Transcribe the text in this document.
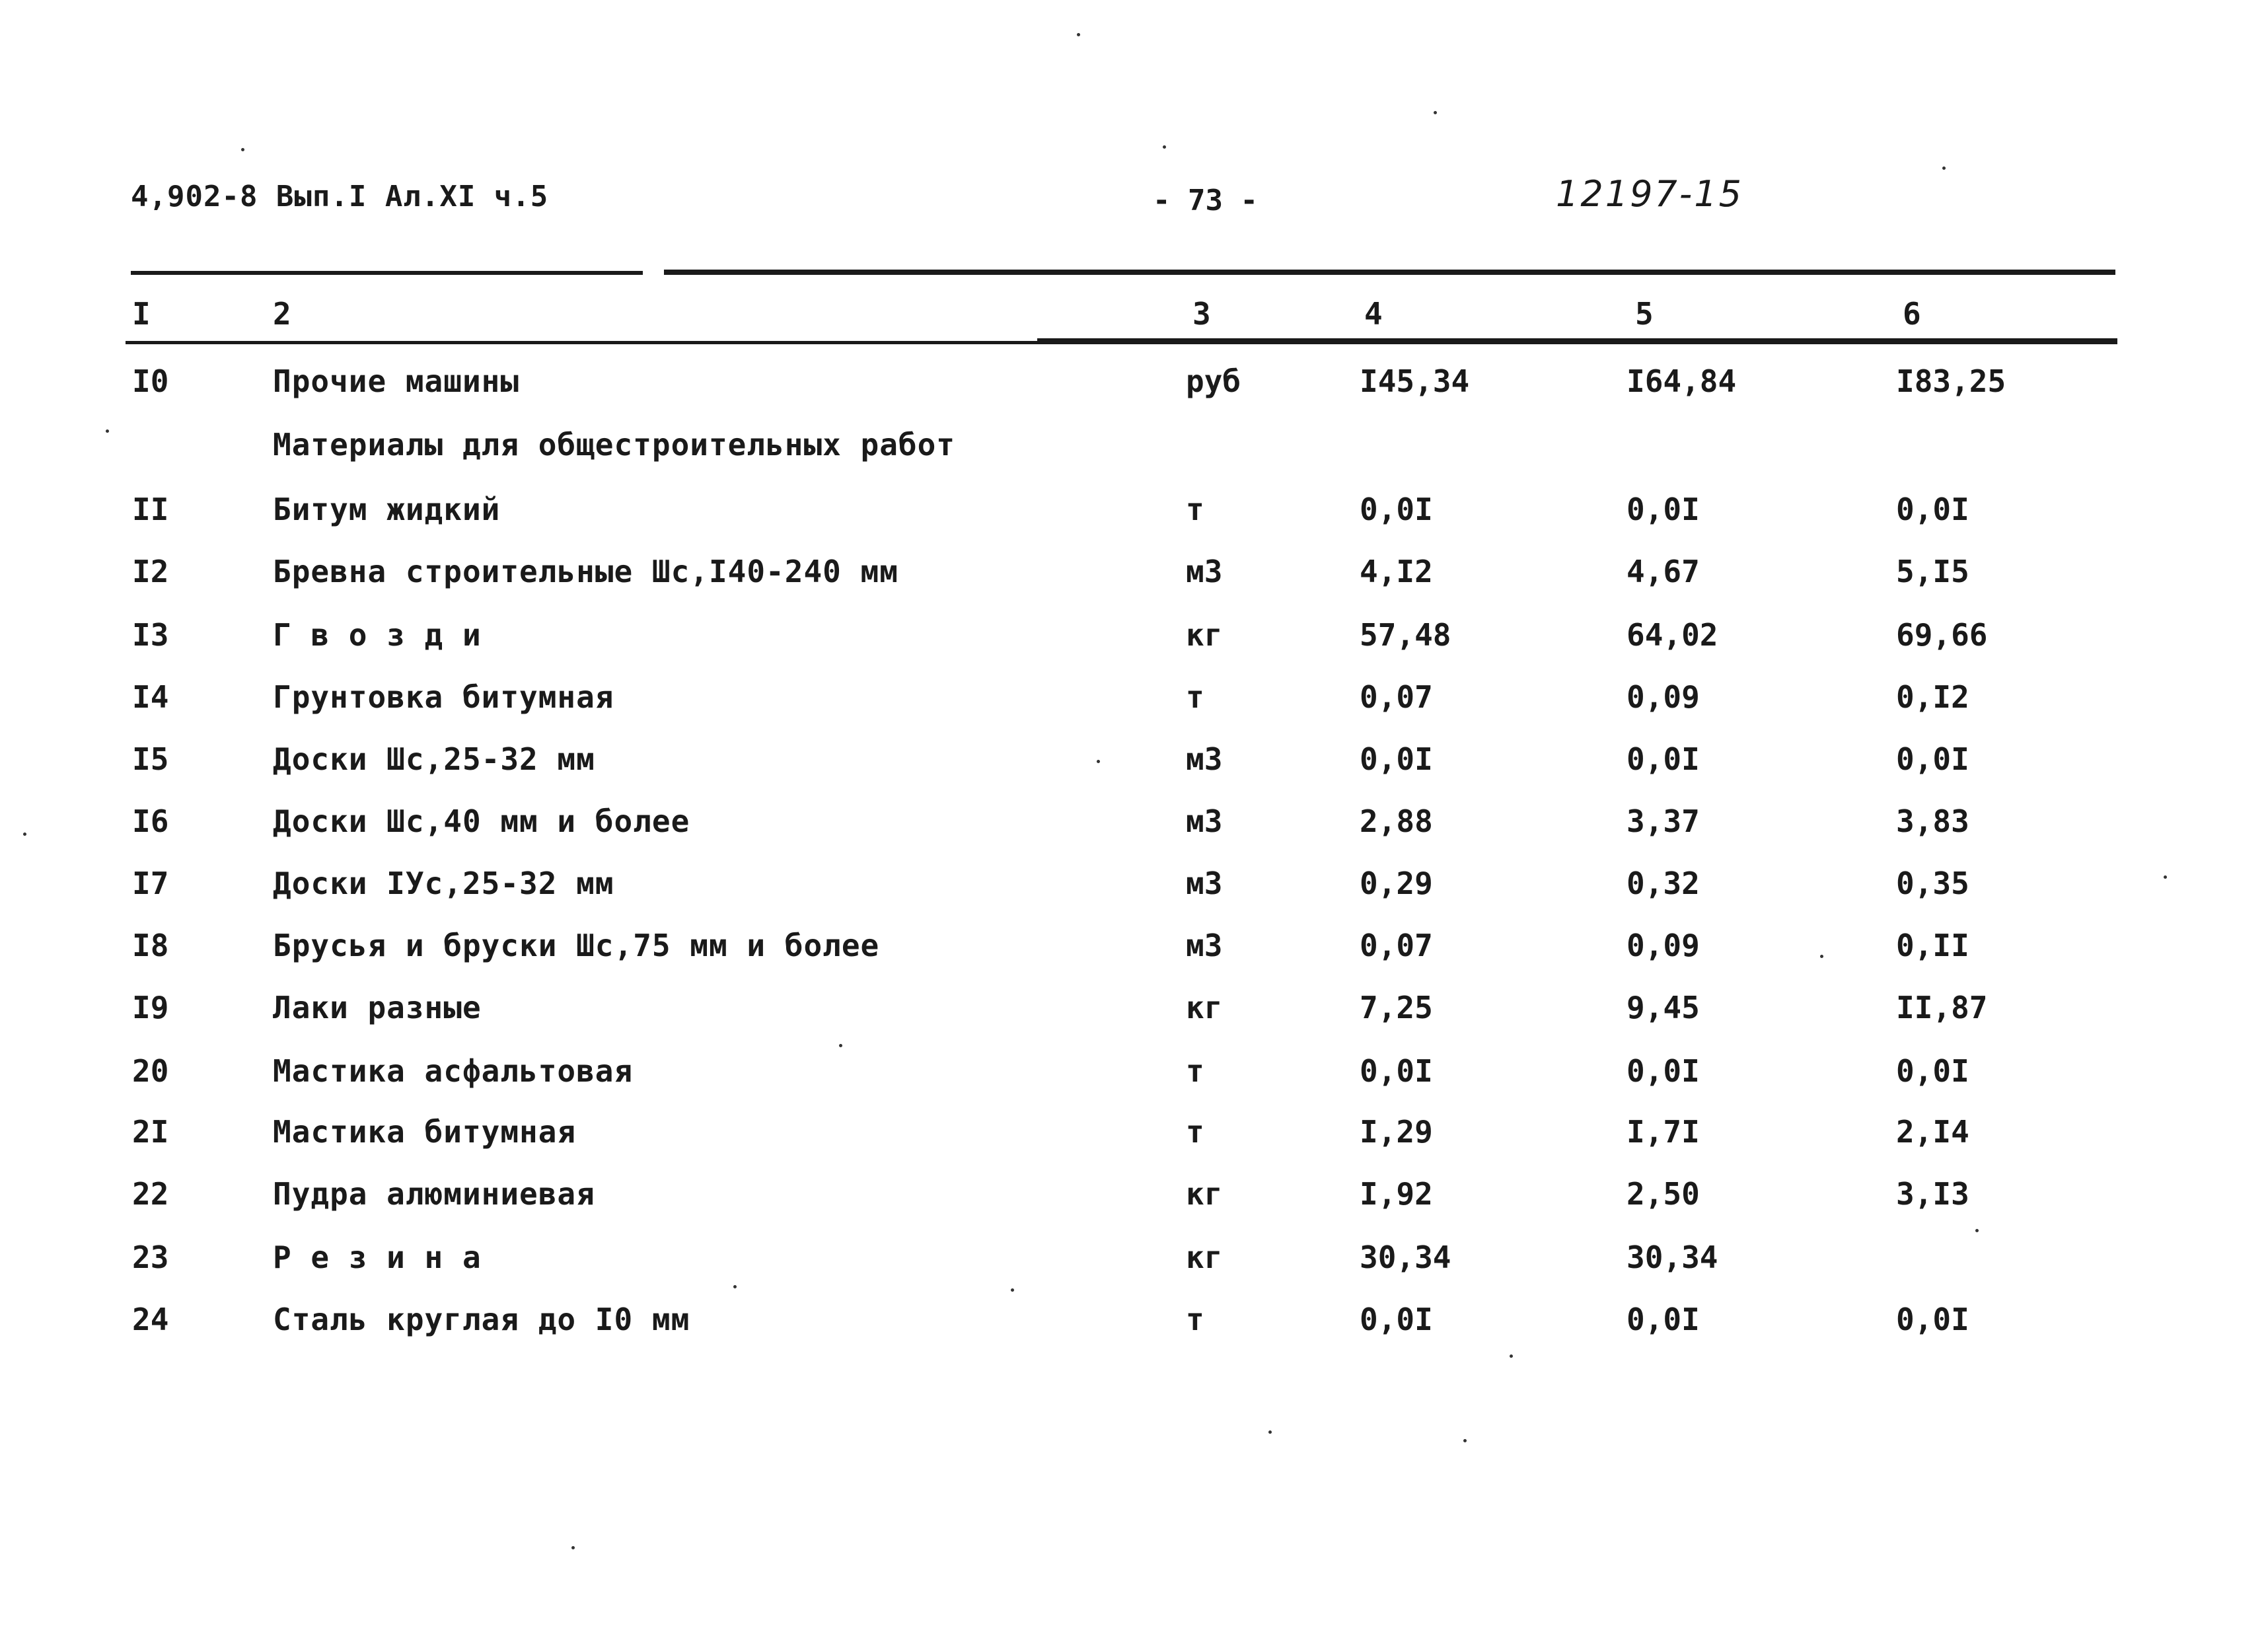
4,902-8 Вып.I Ал.XI ч.5	- 73 -	12197-15
I	2	3	4	5	6
I0	Прочие машины	руб	I45,34	I64,84	I83,25
Материалы для общестроительных работ
II	Битум жидкий	т	0,0I	0,0I	0,0I
I2	Бревна строительные Шс,I40-240 мм	м3	4,I2	4,67	5,I5
I3	Г в о з д и	кг	57,48	64,02	69,66
I4	Грунтовка битумная	т	0,07	0,09	0,I2
I5	Доски Шс,25-32 мм	м3	0,0I	0,0I	0,0I
I6	Доски Шс,40 мм и более	м3	2,88	3,37	3,83
I7	Доски IУс,25-32 мм	м3	0,29	0,32	0,35
I8	Брусья и бруски Шс,75 мм и более	м3	0,07	0,09	0,II
I9	Лаки разные	кг	7,25	9,45	II,87
20	Мастика асфальтовая	т	0,0I	0,0I	0,0I
2I	Мастика битумная	т	I,29	I,7I	2,I4
22	Пудра алюминиевая	кг	I,92	2,50	3,I3
23	Р е з и н а	кг	30,34	30,34
24	Сталь круглая до I0 мм	т	0,0I	0,0I	0,0I
